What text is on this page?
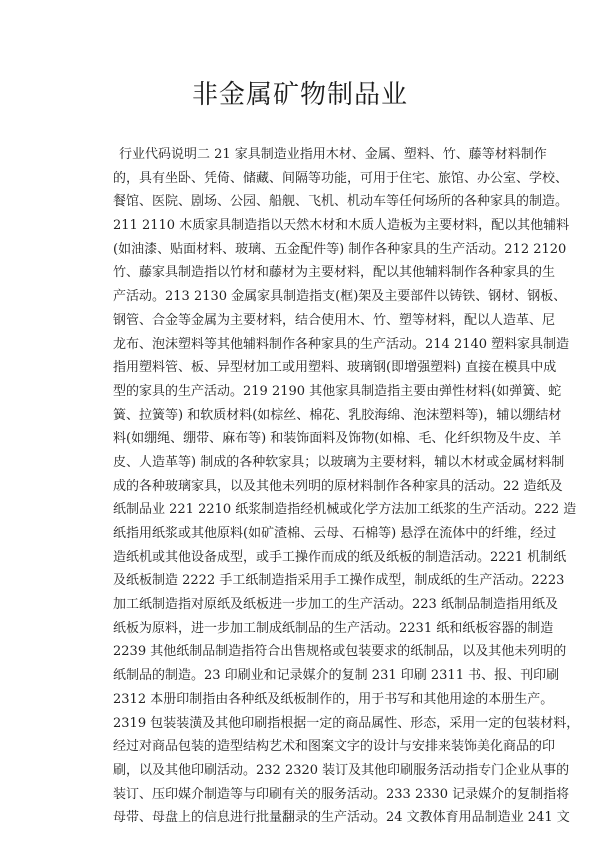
非金属矿物制品业
行业代码说明二 21 家具制造业指用木材、金属、塑料、竹、藤等材料制作
的，具有坐卧、凭倚、储藏、间隔等功能，可用于住宅、旅馆、办公室、学校、
餐馆、医院、剧场、公园、船舰、飞机、机动车等任何场所的各种家具的制造。
211 2110 木质家具制造指以天然木材和木质人造板为主要材料，配以其他辅料
(如油漆、贴面材料、玻璃、五金配件等) 制作各种家具的生产活动。212 2120
竹、藤家具制造指以竹材和藤材为主要材料，配以其他辅料制作各种家具的生
产活动。213 2130 金属家具制造指支(框)架及主要部件以铸铁、钢材、钢板、
钢管、合金等金属为主要材料，结合使用木、竹、塑等材料，配以人造革、尼
龙布、泡沫塑料等其他辅料制作各种家具的生产活动。214 2140 塑料家具制造
指用塑料管、板、异型材加工或用塑料、玻璃钢(即增强塑料) 直接在模具中成
型的家具的生产活动。219 2190 其他家具制造指主要由弹性材料(如弹簧、蛇
簧、拉簧等) 和软质材料(如棕丝、棉花、乳胶海绵、泡沫塑料等)，辅以绷结材
料(如绷绳、绷带、麻布等) 和装饰面料及饰物(如棉、毛、化纤织物及牛皮、羊
皮、人造革等) 制成的各种软家具；以玻璃为主要材料，辅以木材或金属材料制
成的各种玻璃家具，以及其他未列明的原材料制作各种家具的活动。22 造纸及
纸制品业 221 2210 纸浆制造指经机械或化学方法加工纸浆的生产活动。222 造
纸指用纸浆或其他原料(如矿渣棉、云母、石棉等) 悬浮在流体中的纤维，经过
造纸机或其他设备成型，或手工操作而成的纸及纸板的制造活动。2221 机制纸
及纸板制造 2222 手工纸制造指采用手工操作成型，制成纸的生产活动。2223
加工纸制造指对原纸及纸板进一步加工的生产活动。223 纸制品制造指用纸及
纸板为原料，进一步加工制成纸制品的生产活动。2231 纸和纸板容器的制造
2239 其他纸制品制造指符合出售规格或包装要求的纸制品，以及其他未列明的
纸制品的制造。23 印刷业和记录媒介的复制 231 印刷 2311 书、报、刊印刷
2312 本册印制指由各种纸及纸板制作的，用于书写和其他用途的本册生产。
2319 包装装潢及其他印刷指根据一定的商品属性、形态，采用一定的包装材料，
经过对商品包装的造型结构艺术和图案文字的设计与安排来装饰美化商品的印
刷，以及其他印刷活动。232 2320 装订及其他印刷服务活动指专门企业从事的
装订、压印媒介制造等与印刷有关的服务活动。233 2330 记录媒介的复制指将
母带、母盘上的信息进行批量翻录的生产活动。24 文教体育用品制造业 241 文
